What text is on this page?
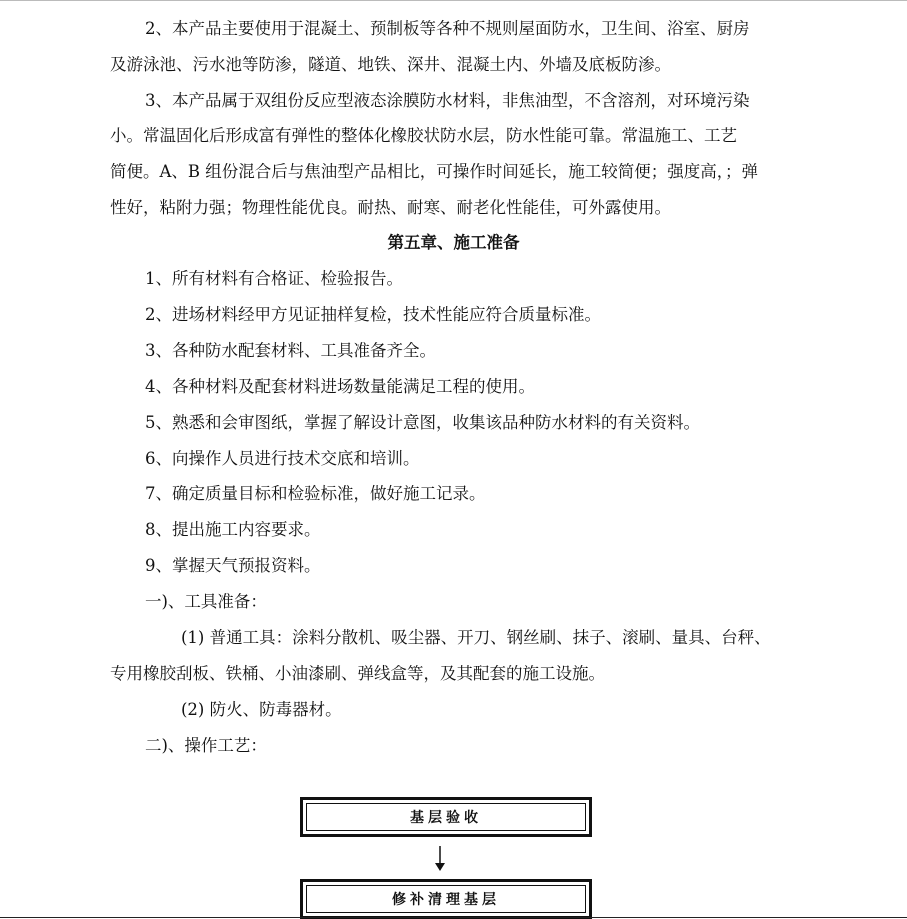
2、本产品主要使用于混凝土、预制板等各种不规则屋面防水，卫生间、浴室、厨房
及游泳池、污水池等防渗，隧道、地铁、深井、混凝土内、外墙及底板防渗。
3、本产品属于双组份反应型液态涂膜防水材料，非焦油型，不含溶剂，对环境污染
小。常温固化后形成富有弹性的整体化橡胶状防水层，防水性能可靠。常温施工、工艺
简便。A、B 组份混合后与焦油型产品相比，可操作时间延长，施工较简便；强度高，；弹
性好，粘附力强；物理性能优良。耐热、耐寒、耐老化性能佳，可外露使用。
第五章、施工准备
1、所有材料有合格证、检验报告。
2、进场材料经甲方见证抽样复检，技术性能应符合质量标准。
3、各种防水配套材料、工具准备齐全。
4、各种材料及配套材料进场数量能满足工程的使用。
5、熟悉和会审图纸，掌握了解设计意图，收集该品种防水材料的有关资料。
6、向操作人员进行技术交底和培训。
7、确定质量目标和检验标准，做好施工记录。
8、提出施工内容要求。
9、掌握天气预报资料。
一)、工具准备：
(1) 普通工具：涂料分散机、吸尘器、开刀、钢丝刷、抹子、滚刷、量具、台秤、
专用橡胶刮板、铁桶、小油漆刷、弹线盒等，及其配套的施工设施。
(2) 防火、防毒器材。
二)、操作工艺：
基层验收
修补清理基层
